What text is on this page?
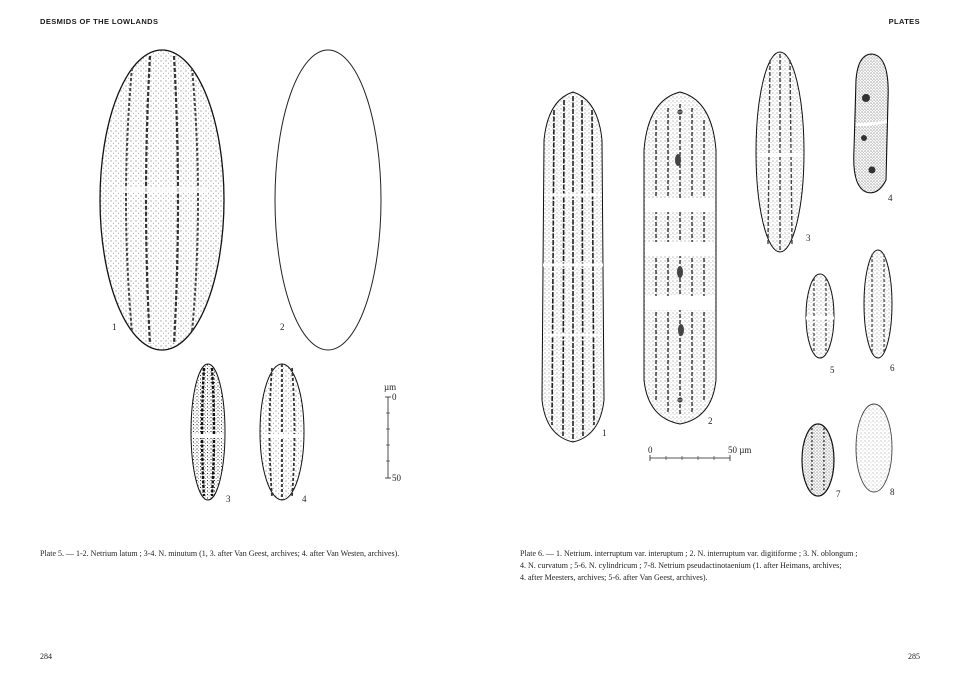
DESMIDS OF THE LOWLANDS
1	2
3	4
µm
0
50
Plate 5. — 1-2. Netrium latum ; 3-4. N. minutum (1, 3. after Van Geest, archives; 4. after Van Westen, archives).
284
PLATES
1
2
3
4
5	6
7	8
0	50 µm
Plate 6. — 1. Netrium. interruptum var. interuptum ; 2. N. interruptum var. digitiforme ; 3. N. oblongum ;
4. N. curvatum ; 5-6. N. cylindricum ; 7-8. Netrium pseudactinotaenium (1. after Heimans, archives;
4. after Meesters, archives; 5-6. after Van Geest, archives).
285
